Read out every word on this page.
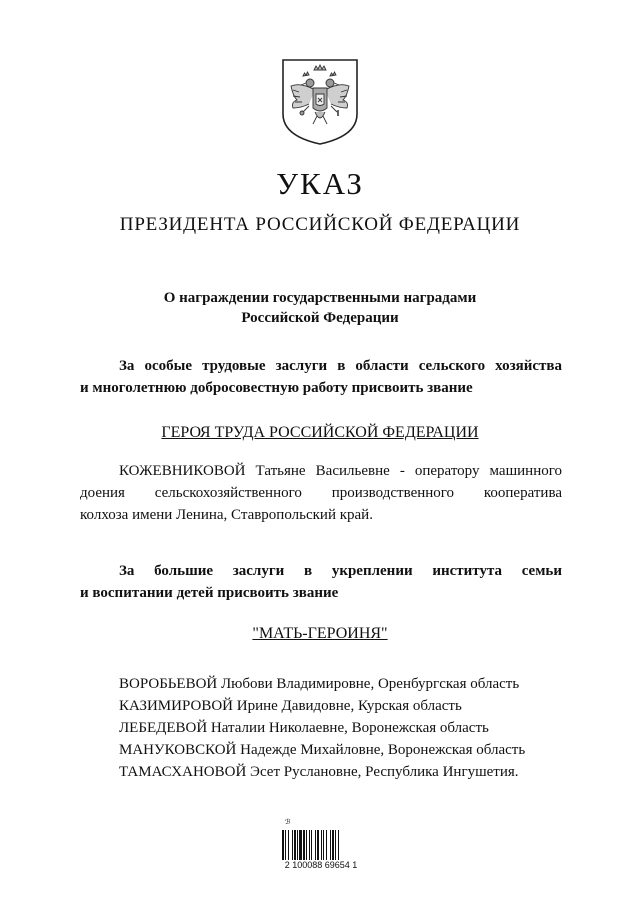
УКАЗ
ПРЕЗИДЕНТА РОССИЙСКОЙ ФЕДЕРАЦИИ
О награждении государственными наградами
Российской Федерации
За особые трудовые заслуги в области сельского хозяйства
и многолетнюю добросовестную работу присвоить звание
ГЕРОЯ ТРУДА РОССИЙСКОЙ ФЕДЕРАЦИИ
КОЖЕВНИКОВОЙ Татьяне Васильевне - оператору машинного
доения сельскохозяйственного производственного кооператива
колхоза имени Ленина, Ставропольский край.
За большие заслуги в укреплении института семьи
и воспитании детей присвоить звание
"МАТЬ-ГЕРОИНЯ"
ВОРОБЬЕВОЙ Любови Владимировне, Оренбургская область
КАЗИМИРОВОЙ Ирине Давидовне, Курская область
ЛЕБЕДЕВОЙ Наталии Николаевне, Воронежская область
МАНУКОВСКОЙ Надежде Михайловне, Воронежская область
ТАМАСХАНОВОЙ Эсет Руслановне, Республика Ингушетия.
ℬ
2 100088 69654 1
